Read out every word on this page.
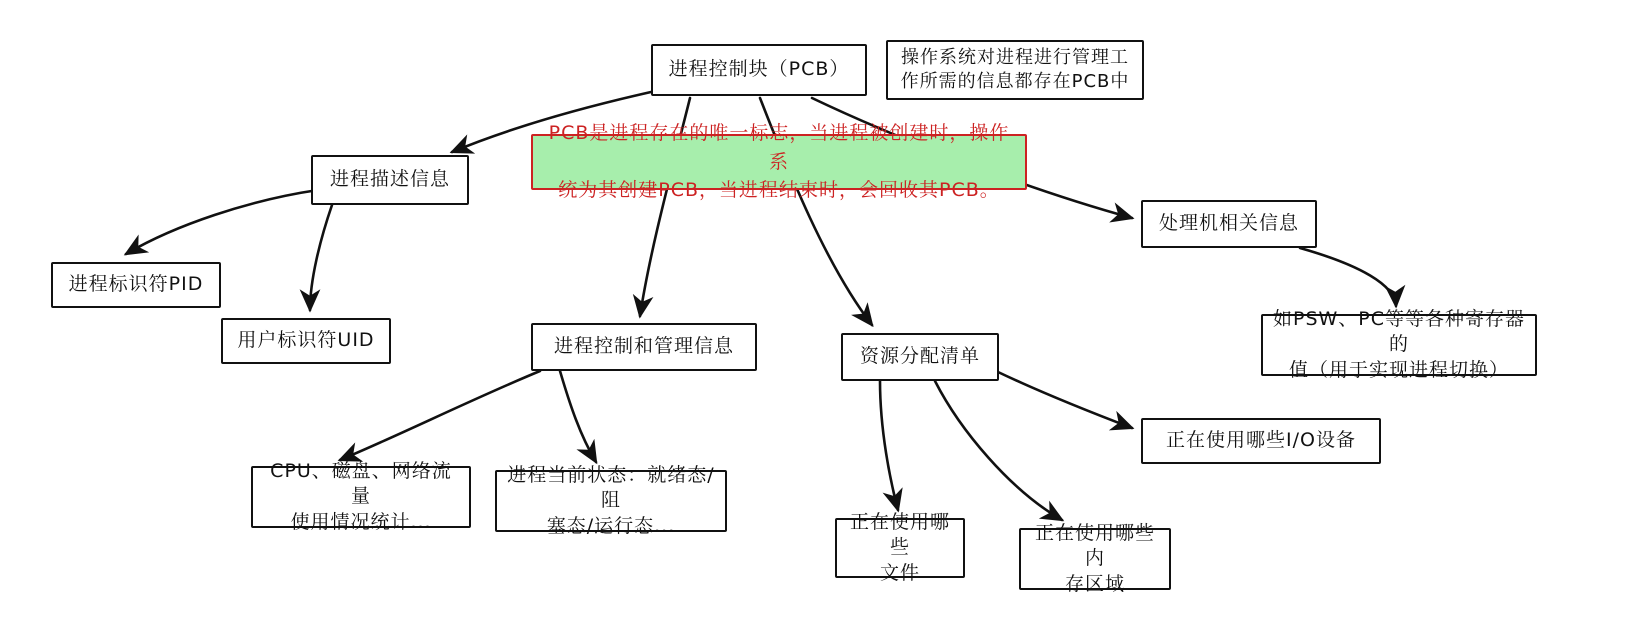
进程控制块（PCB）
操作系统对进程进行管理工
作所需的信息都存在PCB中
PCB是进程存在的唯一标志，当进程被创建时，操作系
统为其创建PCB，当进程结束时，会回收其PCB。
进程描述信息
处理机相关信息
进程标识符PID
用户标识符UID	进程控制和管理信息	资源分配清单
如PSW、PC等等各种寄存器的
值（用于实现进程切换）
正在使用哪些I/O设备
CPU、磁盘、网络流量
使用情况统计...
进程当前状态：就绪态/阻
塞态/运行态...	正在使用哪些
文件
正在使用哪些内
存区域
